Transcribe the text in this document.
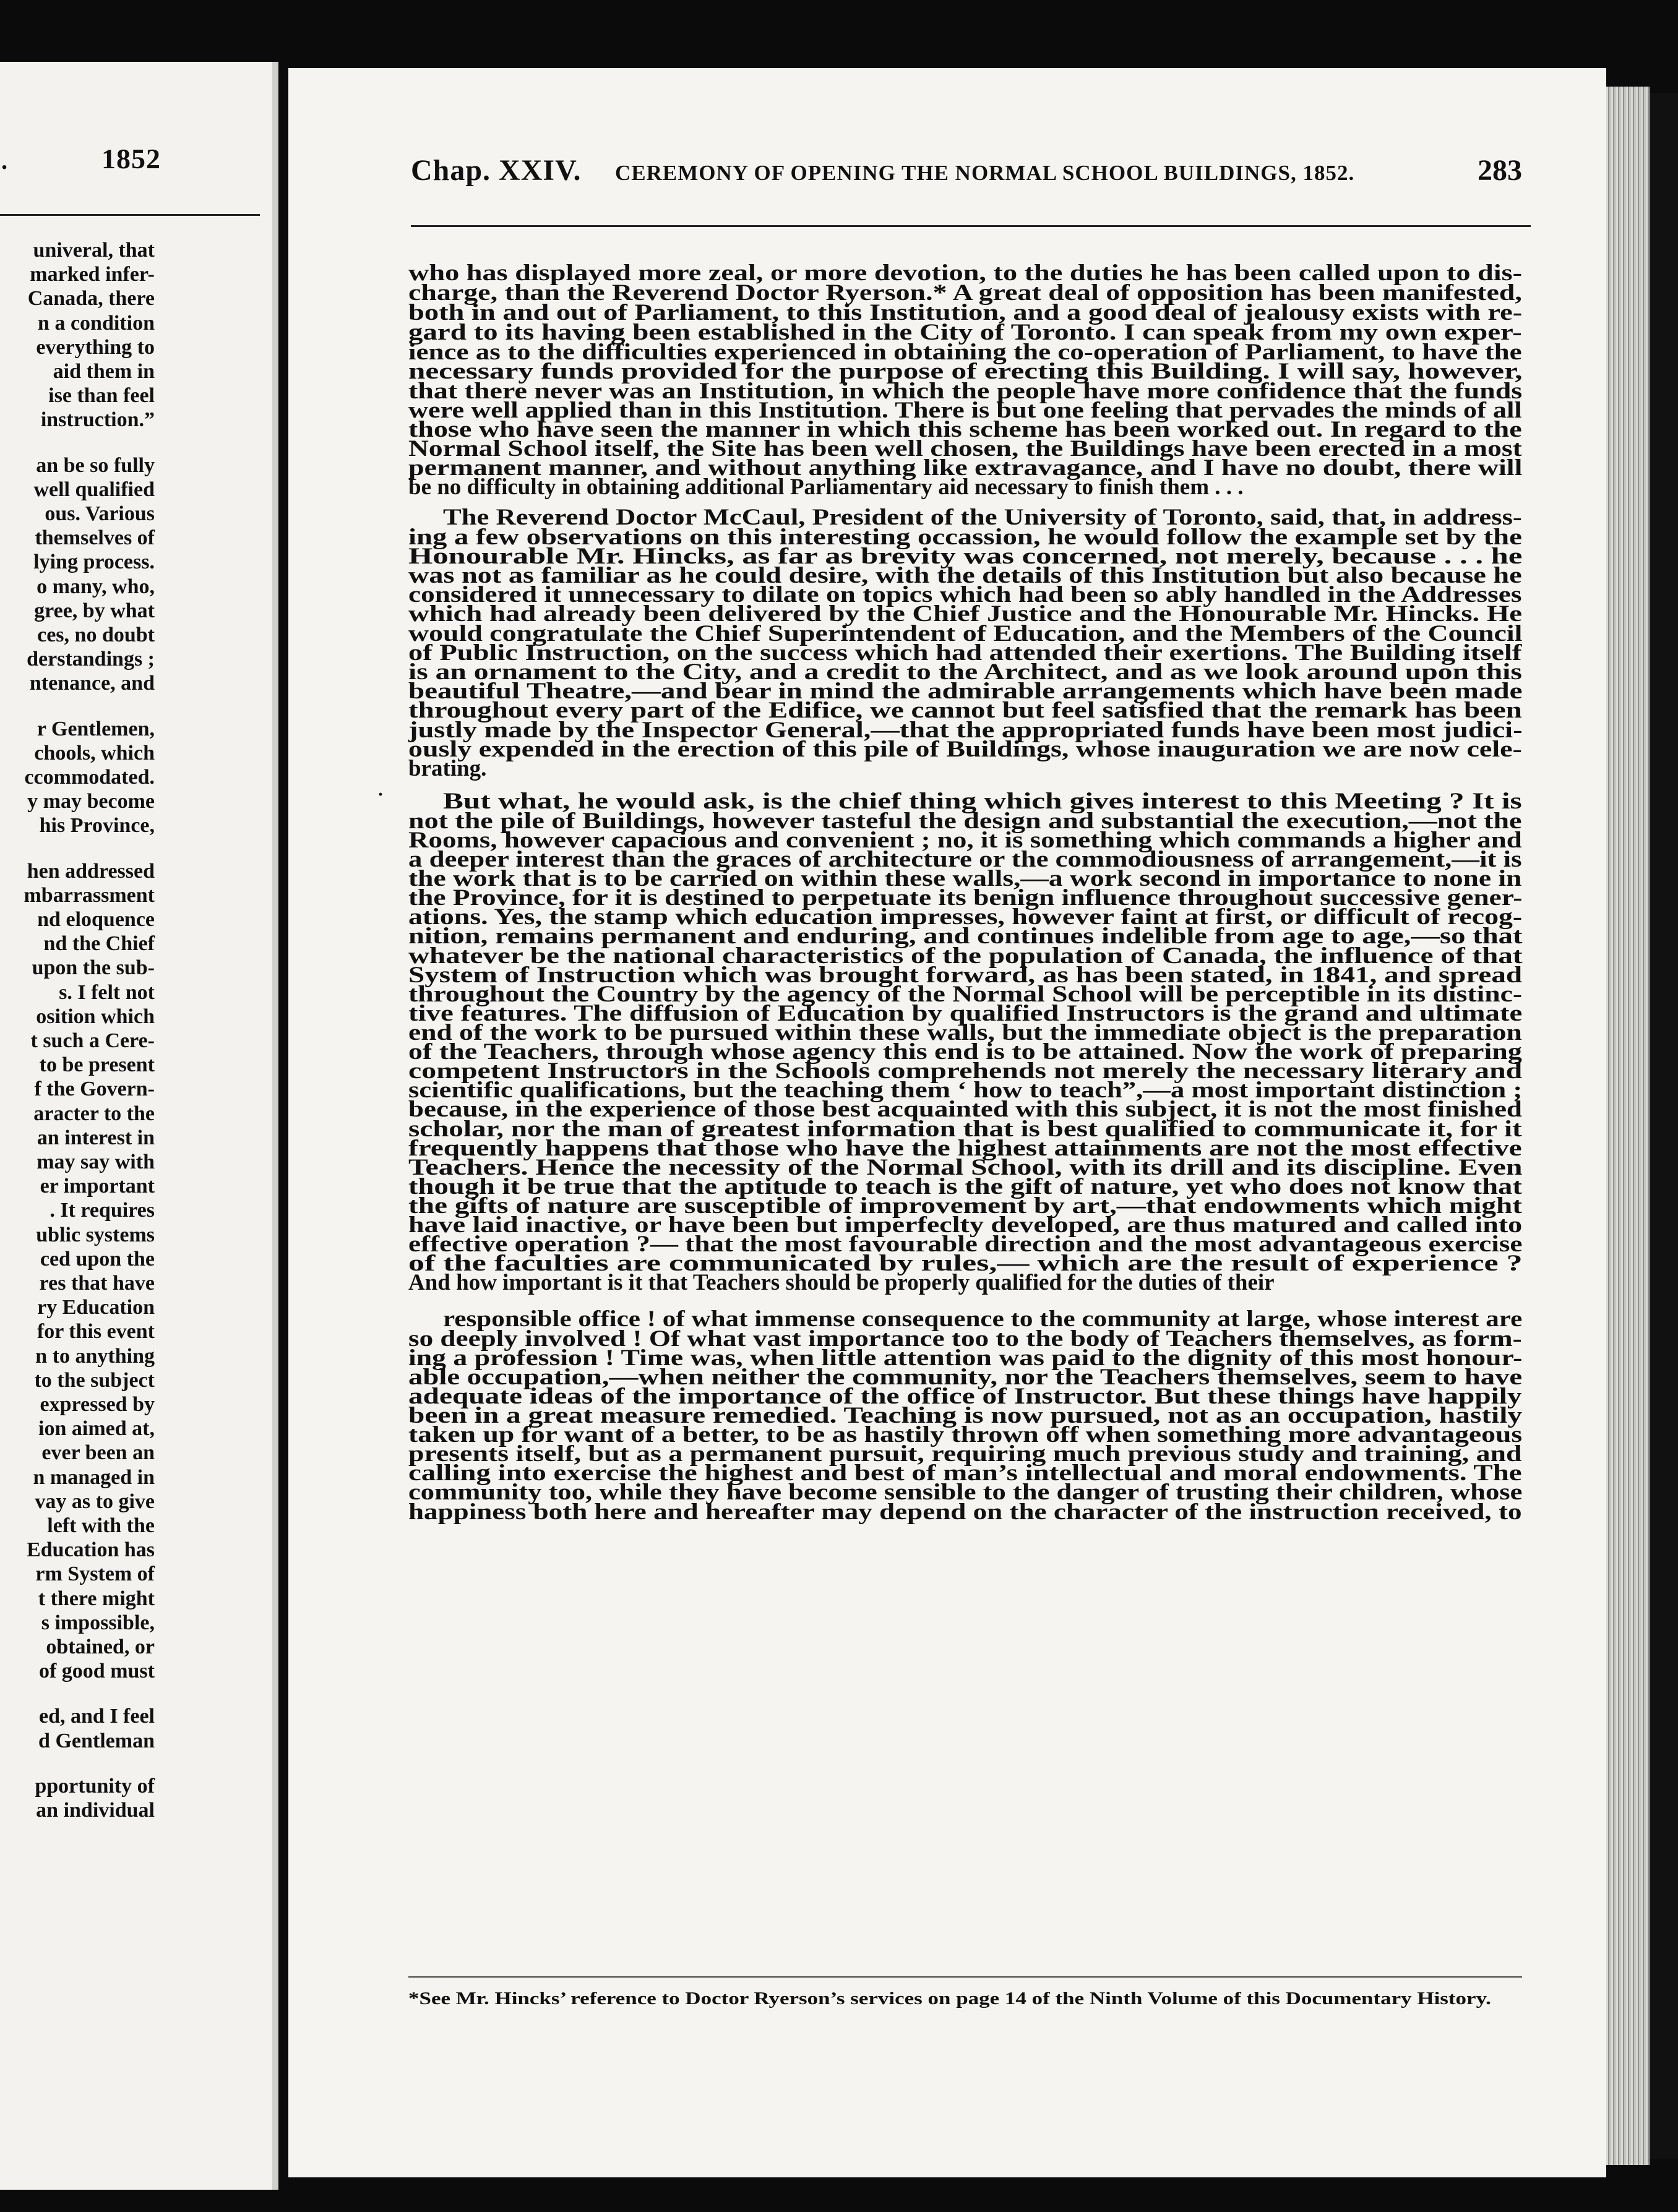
.	1852
univeral, that
marked infer-
Canada, there
n a condition
everything to
aid them in
ise than feel
instruction.”
an be so fully
well qualified
ous. Various
themselves of
lying process.
o many, who,
gree, by what
ces, no doubt
derstandings ;
ntenance, and
r Gentlemen,
chools, which
ccommodated.
y may become
his Province,
hen addressed
mbarrassment
nd eloquence
nd the Chief
upon the sub-
s. I felt not
osition which
t such a Cere-
to be present
f the Govern-
aracter to the
an interest in
may say with
er important
. It requires
ublic systems
ced upon the
res that have
ry Education
for this event
n to anything
to the subject
expressed by
ion aimed at,
ever been an
n managed in
vay as to give
left with the
Education has
rm System of
t there might
s impossible,
obtained, or
of good must
ed, and I feel
d Gentleman
pportunity of
an individual
Chap. XXIV. CEREMONY OF OPENING THE NORMAL SCHOOL BUILDINGS, 1852.	283
who has displayed more zeal, or more devotion, to the duties he has been called upon to dis-
charge, than the Reverend Doctor Ryerson.* A great deal of opposition has been manifested,
both in and out of Parliament, to this Institution, and a good deal of jealousy exists with re-
gard to its having been established in the City of Toronto. I can speak from my own exper-
ience as to the difficulties experienced in obtaining the co-operation of Parliament, to have the
necessary funds provided for the purpose of erecting this Building. I will say, however,
that there never was an Institution, in which the people have more confidence that the funds
were well applied than in this Institution. There is but one feeling that pervades the minds of all
those who have seen the manner in which this scheme has been worked out. In regard to the
Normal School itself, the Site has been well chosen, the Buildings have been erected in a most
permanent manner, and without anything like extravagance, and I have no doubt, there will
be no difficulty in obtaining additional Parliamentary aid necessary to finish them . . .
The Reverend Doctor McCaul, President of the University of Toronto, said, that, in address-
ing a few observations on this interesting occassion, he would follow the example set by the
Honourable Mr. Hincks, as far as brevity was concerned, not merely, because . . . he
was not as familiar as he could desire, with the details of this Institution but also because he
considered it unnecessary to dilate on topics which had been so ably handled in the Addresses
which had already been delivered by the Chief Justice and the Honourable Mr. Hincks. He
would congratulate the Chief Superintendent of Education, and the Members of the Council
of Public Instruction, on the success which had attended their exertions. The Building itself
is an ornament to the City, and a credit to the Architect, and as we look around upon this
beautiful Theatre,—and bear in mind the admirable arrangements which have been made
throughout every part of the Edifice, we cannot but feel satisfied that the remark has been
justly made by the Inspector General,—that the appropriated funds have been most judici-
ously expended in the erection of this pile of Buildings, whose inauguration we are now cele-
brating.
But what, he would ask, is the chief thing which gives interest to this Meeting ? It is
not the pile of Buildings, however tasteful the design and substantial the execution,—not the
Rooms, however capacious and convenient ; no, it is something which commands a higher and
a deeper interest than the graces of architecture or the commodiousness of arrangement,—it is
the work that is to be carried on within these walls,—a work second in importance to none in
the Province, for it is destined to perpetuate its benign influence throughout successive gener-
ations. Yes, the stamp which education impresses, however faint at first, or difficult of recog-
nition, remains permanent and enduring, and continues indelible from age to age,—so that
whatever be the national characteristics of the population of Canada, the influence of that
System of Instruction which was brought forward, as has been stated, in 1841, and spread
throughout the Country by the agency of the Normal School will be perceptible in its distinc-
tive features. The diffusion of Education by qualified Instructors is the grand and ultimate
end of the work to be pursued within these walls, but the immediate object is the preparation
of the Teachers, through whose agency this end is to be attained. Now the work of preparing
competent Instructors in the Schools comprehends not merely the necessary literary and
scientific qualifications, but the teaching them ‘ how to teach”,—a most important distinction ;
because, in the experience of those best acquainted with this subject, it is not the most finished
scholar, nor the man of greatest information that is best qualified to communicate it, for it
frequently happens that those who have the highest attainments are not the most effective
Teachers. Hence the necessity of the Normal School, with its drill and its discipline. Even
though it be true that the aptitude to teach is the gift of nature, yet who does not know that
the gifts of nature are susceptible of improvement by art,—that endowments which might
have laid inactive, or have been but imperfeclty developed, are thus matured and called into
effective operation ?— that the most favourable direction and the most advantageous exercise
of the faculties are communicated by rules,— which are the result of experience ?
And how important is it that Teachers should be properly qualified for the duties of their
responsible office ! of what immense consequence to the community at large, whose interest are
so deeply involved ! Of what vast importance too to the body of Teachers themselves, as form-
ing a profession ! Time was, when little attention was paid to the dignity of this most honour-
able occupation,—when neither the community, nor the Teachers themselves, seem to have
adequate ideas of the importance of the office of Instructor. But these things have happily
been in a great measure remedied. Teaching is now pursued, not as an occupation, hastily
taken up for want of a better, to be as hastily thrown off when something more advantageous
presents itself, but as a permanent pursuit, requiring much previous study and training, and
calling into exercise the highest and best of man’s intellectual and moral endowments. The
community too, while they have become sensible to the danger of trusting their children, whose
happiness both here and hereafter may depend on the character of the instruction received, to
·
*See Mr. Hincks’ reference to Doctor Ryerson’s services on page 14 of the Ninth Volume of this Documentary History.
